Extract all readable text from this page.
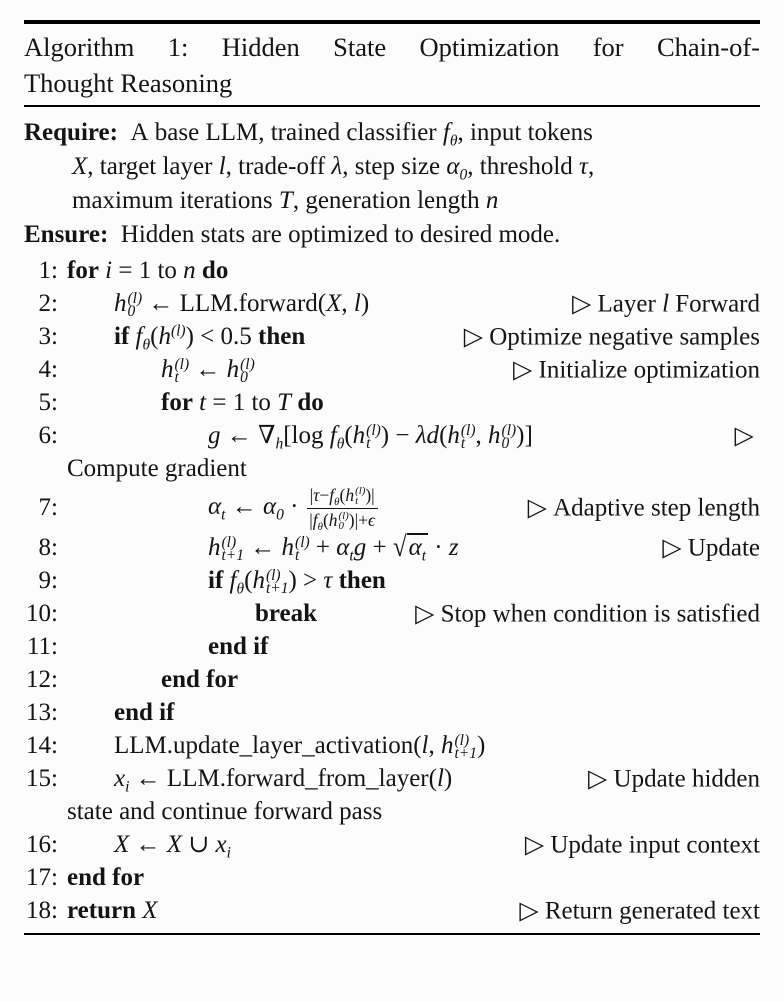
Algorithm 1: Hidden State Optimization for Chain-of-
Thought Reasoning
Require:  A base LLM, trained classifier $f_\theta$, input tokens
X, target layer l, trade-off λ, step size $\alpha_0$, threshold τ,
maximum iterations T, generation length n
Ensure:  Hidden stats are optimized to desired mode.
1: for i = 1 to n do
2:	h (l)
0 ← LLM.forward(X, l)	▷ Layer l Forward
3:	if $f_\theta(h^{(l)}) < 0.5$ then	▷ Optimize negative samples
4:	h (l)
t ← h (l)
0	▷ Initialize optimization
5:	for t = 1 to T do
6:	g ← $\nabla_h[\log$ $f_\theta(h$ (l)
t ) − λd(h (l)
t , h (l)
0 )]	▷
Compute gradient
7:	$\alpha_t$ ← $\alpha_0 \cdot |\tau-f_\theta(h$ (l)
t )|
$|f_\theta(h$ (l)
0 )|+ϵ	▷ Adaptive step length
8:	h (l)
t+1 ← h (l)
$t + \alpha_tg + √\alpha_t \cdot z$	▷ Update
9:	if $f_\theta(h$ (l)
t+1 ) > τ then
10:	break	▷ Stop when condition is satisfied
11:	end if
12:	end for
13:	end if
14:	LLM.update_layer_activation(l, h (l)
t+1 )
15:	$x_i$ ← LLM.forward_from_layer(l)	▷ Update hidden
state and continue forward pass
16:	X ← X ∪ $x_i$	▷ Update input context
17: end for
18: return X	▷ Return generated text
